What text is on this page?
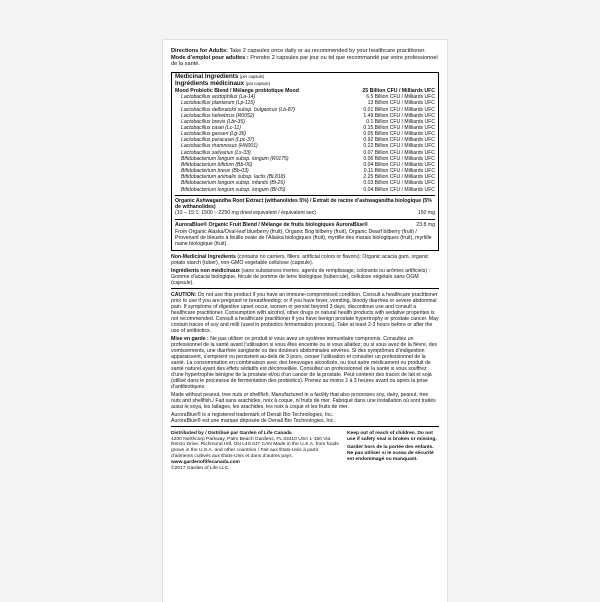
Directions for Adults: Take 2 capsules once daily or as recommended by your healthcare practitioner.

Mode d’emploi pour adultes : Prendre 2 capsules par jour ou tel que recommandé par votre professionnel de la santé.

Medicinal Ingredients (per capsule)
Ingrédients médicinaux (par capsule)
Mood Probiotic Blend / Mélange probiotique Mood	25 Billion CFU / Milliards UFC
Lactobacillus acidophilus (La-14)	6.5 Billion CFU / Milliards UFC
Lactobacillus plantarum (Lp-115)	13 Billion CFU / Milliards UFC
Lactobacillus delbrueckii subsp. bulgaricus (Lb-87)	0.01 Billion CFU / Milliards UFC
Lactobacillus helveticus (R0052)	1.49 Billion CFU / Milliards UFC
Lactobacillus brevis (Lbr-35)	0.1 Billion CFU / Milliards UFC
Lactobacillus casei (Lc-11)	0.15 Billion CFU / Milliards UFC
Lactobacillus gasseri (Lg-36)	0.05 Billion CFU / Milliards UFC
Lactobacillus paracasei (Lpc-37)	0.92 Billion CFU / Milliards UFC
Lactobacillus rhamnosus (HN001)	0.22 Billion CFU / Milliards UFC
Lactobacillus salivarius (Ls-33)	0.07 Billion CFU / Milliards UFC
Bifidobacterium longum subsp. longum (R0175)	0.06 Billion CFU / Milliards UFC
Bifidobacterium bifidum (Bb-06)	0.04 Billion CFU / Milliards UFC
Bifidobacterium breve (Bb-03)	0.11 Billion CFU / Milliards UFC
Bifidobacterium animalis subsp. lactis (BL818)	2.25 Billion CFU / Milliards UFC
Bifidobacterium longum subsp. infantis (Bi-26)	0.03 Billion CFU / Milliards UFC
Bifidobacterium longum subsp. longum (Bl-05)	0.04 Billion CFU / Milliards UFC
Organic Ashwagandha Root Extract (withanolides 5%) / Extrait de racine d’ashwagandha biologique (5% de withanolides)
(10 – 15:1; 1500 – 2250 mg dried equivalent / équivalent sec)	150 mg
AuroraBlue® Organic Fruit Blend / Mélange de fruits biologiques AuroraBlue®	23.8 mg
From Organic Alaska/Oval-leaf blueberry (fruit), Organic Bog bilberry (fruit), Organic Dwarf bilberry (fruit) / Provenant de bleuets à feuille ovale de l’Alaska biologiques (fruit), myrtille des marais biologiques (fruit), myrtille naine biologique (fruit).

Non-Medicinal Ingredients (contains no carriers, fillers, artificial colors or flavors): Organic acacia gum, organic potato starch (tuber), non-GMO vegetable cellulose (capsule).

Ingrédients non médicinaux (sans substances inertes, agents de remplissage, colorants ou arômes artificiels) : Gomme d’acacia biologique, fécule de pomme de terre biologique (tubercule), cellulose végétale sans OGM (capsule).

CAUTION: Do not use this product if you have an immune-compromised condition. Consult a healthcare practitioner prior to use if you are pregnant or breastfeeding; or if you have fever, vomiting, bloody diarrhea or severe abdominal pain. If symptoms of digestive upset occur, worsen or persist beyond 3 days, discontinue use and consult a healthcare practitioner. Consumption with alcohol, other drugs or natural health products with sedative properties is not recommended. Consult a healthcare practitioner if you have benign prostate hypertrophy or prostate cancer. May contain traces of soy and milk (used in probiotics fermentation process). Take at least 2-3 hours before or after the use of antibiotics.

Mise en garde : Ne pas utiliser ce produit si vous avez un système immunitaire compromis. Consultez un professionnel de la santé avant l’utilisation si vous êtes enceinte ou si vous allaitez; ou si vous avez de la fièvre, des vomissements, une diarrhée sanglante ou des douleurs abdominales sévères. Si des symptômes d’indigestion apparaissent, s’empirent ou persistent au-delà de 3 jours, cesser l’utilisation et consulter un professionnel de la santé. La consommation en combinaison avec des breuvages alcoolisés, ou tout autre médicament ou produit de santé naturel ayant des effets sédatifs est déconseillée. Consultez un professionnel de la santé si vous souffrez d’une hypertrophie bénigne de la prostate et/ou d’un cancer de la prostate. Peut contenir des traces de lait et soja (utilisé dans le processus de fermentation des probiotics). Prenez au moins 2 à 3 heures avant ou après la prise d’antibiotiques.

Made without peanut, tree nuts or shellfish. Manufactured in a facility that also processes soy, dairy, peanut, tree nuts and shellfish./ Fait sans arachides, noix à coque, ni fruits de mer. Fabriqué dans une installation où sont traités aussi le soya, les laitages, les arachides, les noix à coque et les fruits de mer.

AuroraBlue® is a registered trademark of Denali Bio Technologies, Inc.

AuroraBlue® est une marque déposée de Denali Bio Technologies, Inc.

Distributed by / Distribué par Garden of Life Canada
4200 Northcorp Parkway, Palm Beach Gardens, FL 33410 USA 1-150 Via Renzo Drive, Richmond Hill, ON L4S 0J7 CAN Made in the U.S.A. from foods grown in the U.S.A. and other countries / Fait aux États-Unis à partir d’aliments cultivés aux États-Unis et dans d’autres pays.
www.gardenoflifecanada.com
©2017 Garden of Life LLC.
Keep out of reach of children. Do not use if safety seal is broken or missing.
Garder hors de la portée des enfants. Ne pas utiliser si le sceau de sécurité est endommagé ou manquant.
